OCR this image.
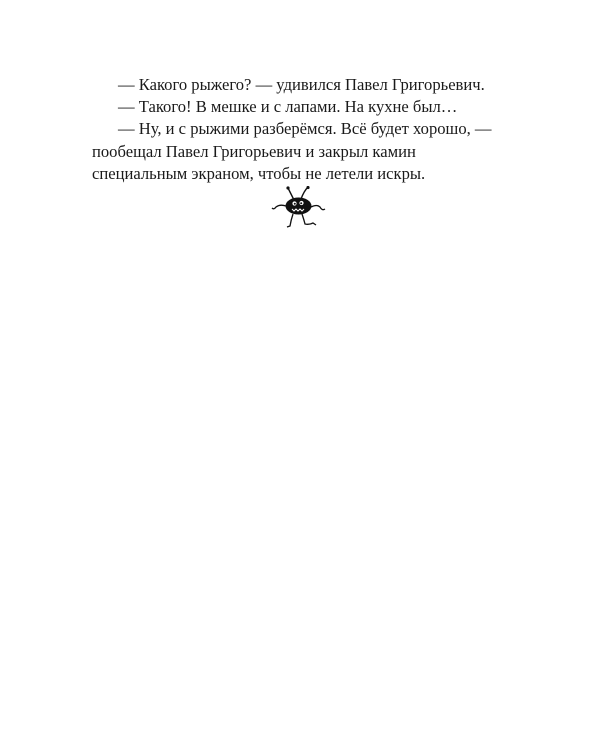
— Какого рыжего? — удивился Павел Григорьевич.

— Такого! В мешке и с лапами. На кухне был…

— Ну, и с рыжими разберёмся. Всё будет хорошо, — пообещал Павел Григорьевич и закрыл камин специальным экраном, чтобы не летели искры.
